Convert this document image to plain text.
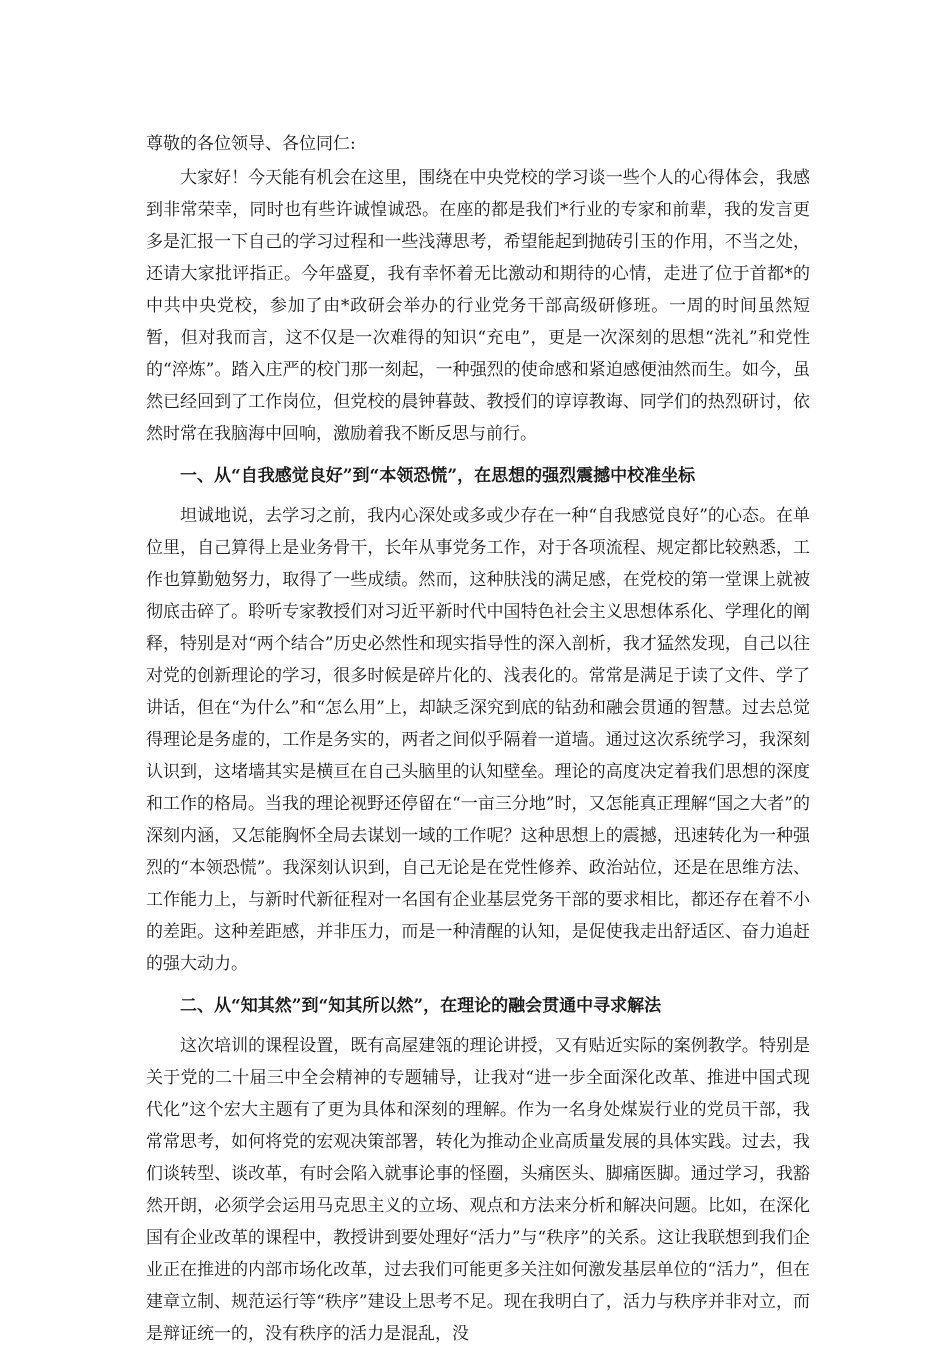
尊敬的各位领导、各位同仁:

大家好！今天能有机会在这里，围绕在中央党校的学习谈一些个人的心得体会，我感到非常荣幸，同时也有些许诚惶诚恐。在座的都是我们*行业的专家和前辈，我的发言更多是汇报一下自己的学习过程和一些浅薄思考，希望能起到抛砖引玉的作用，不当之处，还请大家批评指正。今年盛夏，我有幸怀着无比激动和期待的心情，走进了位于首都*的中共中央党校，参加了由*政研会举办的行业党务干部高级研修班。一周的时间虽然短暂，但对我而言，这不仅是一次难得的知识“充电”，更是一次深刻的思想“洗礼”和党性的“淬炼”。踏入庄严的校门那一刻起，一种强烈的使命感和紧迫感便油然而生。如今，虽然已经回到了工作岗位，但党校的晨钟暮鼓、教授们的谆谆教诲、同学们的热烈研讨，依然时常在我脑海中回响，激励着我不断反思与前行。

一、从“自我感觉良好”到“本领恐慌”，在思想的强烈震撼中校准坐标

坦诚地说，去学习之前，我内心深处或多或少存在一种“自我感觉良好”的心态。在单位里，自己算得上是业务骨干，长年从事党务工作，对于各项流程、规定都比较熟悉，工作也算勤勉努力，取得了一些成绩。然而，这种肤浅的满足感，在党校的第一堂课上就被彻底击碎了。聆听专家教授们对习近平新时代中国特色社会主义思想体系化、学理化的阐释，特别是对“两个结合”历史必然性和现实指导性的深入剖析，我才猛然发现，自己以往对党的创新理论的学习，很多时候是碎片化的、浅表化的。常常是满足于读了文件、学了讲话，但在“为什么”和“怎么用”上，却缺乏深究到底的钻劲和融会贯通的智慧。过去总觉得理论是务虚的，工作是务实的，两者之间似乎隔着一道墙。通过这次系统学习，我深刻认识到，这堵墙其实是横亘在自己头脑里的认知壁垒。理论的高度决定着我们思想的深度和工作的格局。当我的理论视野还停留在“一亩三分地”时，又怎能真正理解“国之大者”的深刻内涵，又怎能胸怀全局去谋划一域的工作呢？这种思想上的震撼，迅速转化为一种强烈的“本领恐慌”。我深刻认识到，自己无论是在党性修养、政治站位，还是在思维方法、工作能力上，与新时代新征程对一名国有企业基层党务干部的要求相比，都还存在着不小的差距。这种差距感，并非压力，而是一种清醒的认知，是促使我走出舒适区、奋力追赶的强大动力。

二、从“知其然”到“知其所以然”，在理论的融会贯通中寻求解法

这次培训的课程设置，既有高屋建瓴的理论讲授，又有贴近实际的案例教学。特别是关于党的二十届三中全会精神的专题辅导，让我对“进一步全面深化改革、推进中国式现代化”这个宏大主题有了更为具体和深刻的理解。作为一名身处煤炭行业的党员干部，我常常思考，如何将党的宏观决策部署，转化为推动企业高质量发展的具体实践。过去，我们谈转型、谈改革，有时会陷入就事论事的怪圈，头痛医头、脚痛医脚。通过学习，我豁然开朗，必须学会运用马克思主义的立场、观点和方法来分析和解决问题。比如，在深化国有企业改革的课程中，教授讲到要处理好“活力”与“秩序”的关系。这让我联想到我们企业正在推进的内部市场化改革，过去我们可能更多关注如何激发基层单位的“活力”，但在建章立制、规范运行等“秩序”建设上思考不足。现在我明白了，活力与秩序并非对立，而是辩证统一的，没有秩序的活力是混乱，没
